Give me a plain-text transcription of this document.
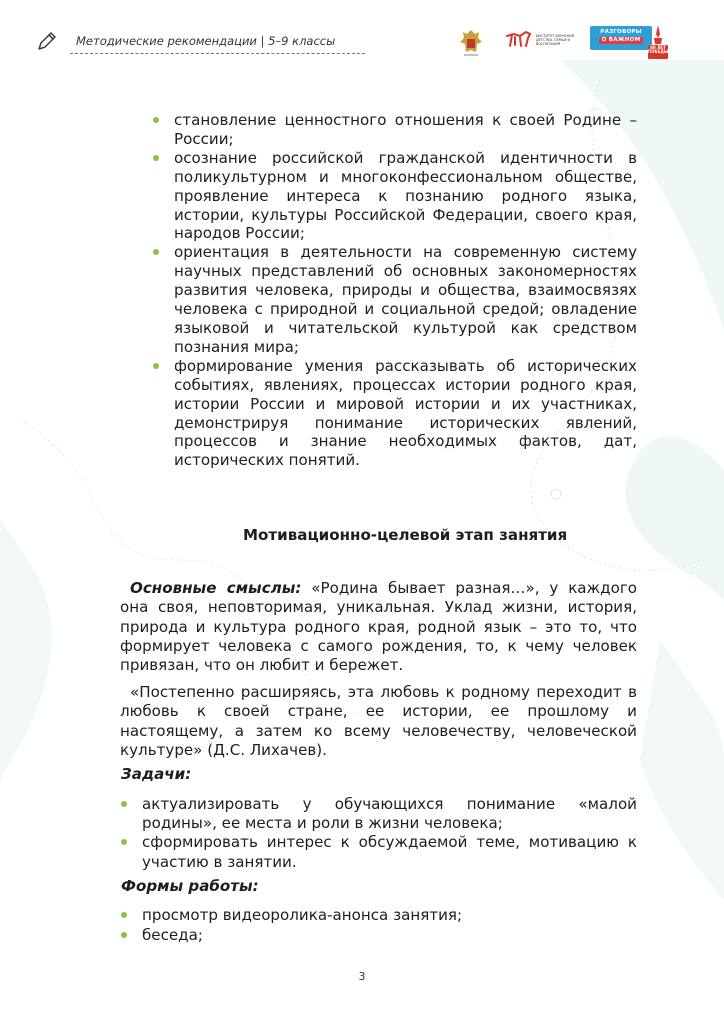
Методические рекомендации | 5–9 классы	ИНСТИТУТ ИЗУЧЕНИЯ ДЕТСТВА, СЕМЬИ И ВОСПИТАНИЯ
РАЗГОВОРЫ
О ВАЖНОМ
80 ЛЕТ ПОБЕДЫ
становление ценностного отношения к своей Родине – России;
осознание российской гражданской идентичности в поликультурном и многоконфессиональном обществе, проявление интереса к познанию родного языка, истории, культуры Российской Федерации, своего края, народов России;
ориентация в деятельности на современную систему научных представлений об основных закономерностях развития человека, природы и общества, взаимосвязях человека с природной и социальной средой; овладение языковой и читательской культурой как средством познания мира;
формирование умения рассказывать об исторических событиях, явлениях, процессах истории родного края, истории России и мировой истории и их участниках, демонстрируя понимание исторических явлений, процессов и знание необходимых фактов, дат, исторических понятий.
Мотивационно-целевой этап занятия

Основные смыслы: «Родина бывает разная…», у каждого она своя, неповторимая, уникальная. Уклад жизни, история, природа и культура родного края, родной язык – это то, что формирует человека с самого рождения, то, к чему человек привязан, что он любит и бережет.

«Постепенно расширяясь, эта любовь к родному переходит в любовь к своей стране, ее истории, ее прошлому и настоящему, а затем ко всему человечеству, человеческой культуре» (Д.С. Лихачев).

Задачи:
актуализировать у обучающихся понимание «малой родины», ее места и роли в жизни человека;
сформировать интерес к обсуждаемой теме, мотивацию к участию в занятии.
Формы работы:
просмотр видеоролика-анонса занятия;
беседа;
3
